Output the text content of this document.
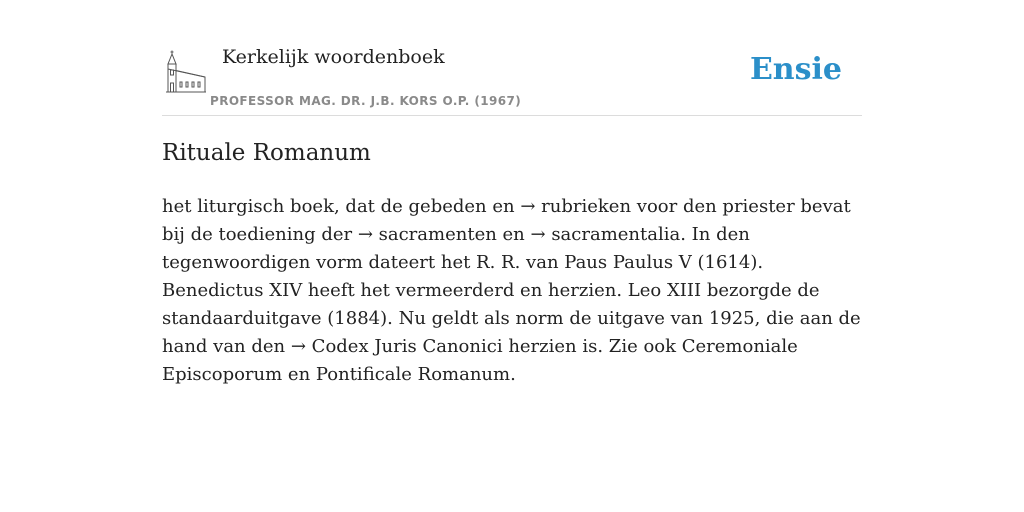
Kerkelijk woordenboek
PROFESSOR MAG. DR. J.B. KORS O.P. (1967)
Ensie
Rituale Romanum

het liturgisch boek, dat de gebeden en → rubrieken voor den priester bevat bij de toediening der → sacramenten en → sacramentalia. In den tegenwoordigen vorm dateert het R. R. van Paus Paulus V (1614). Benedictus XIV heeft het vermeerderd en herzien. Leo XIII bezorgde de standaarduitgave (1884). Nu geldt als norm de uitgave van 1925, die aan de hand van den → Codex Juris Canonici herzien is. Zie ook Ceremoniale Episcoporum en Pontificale Romanum.
